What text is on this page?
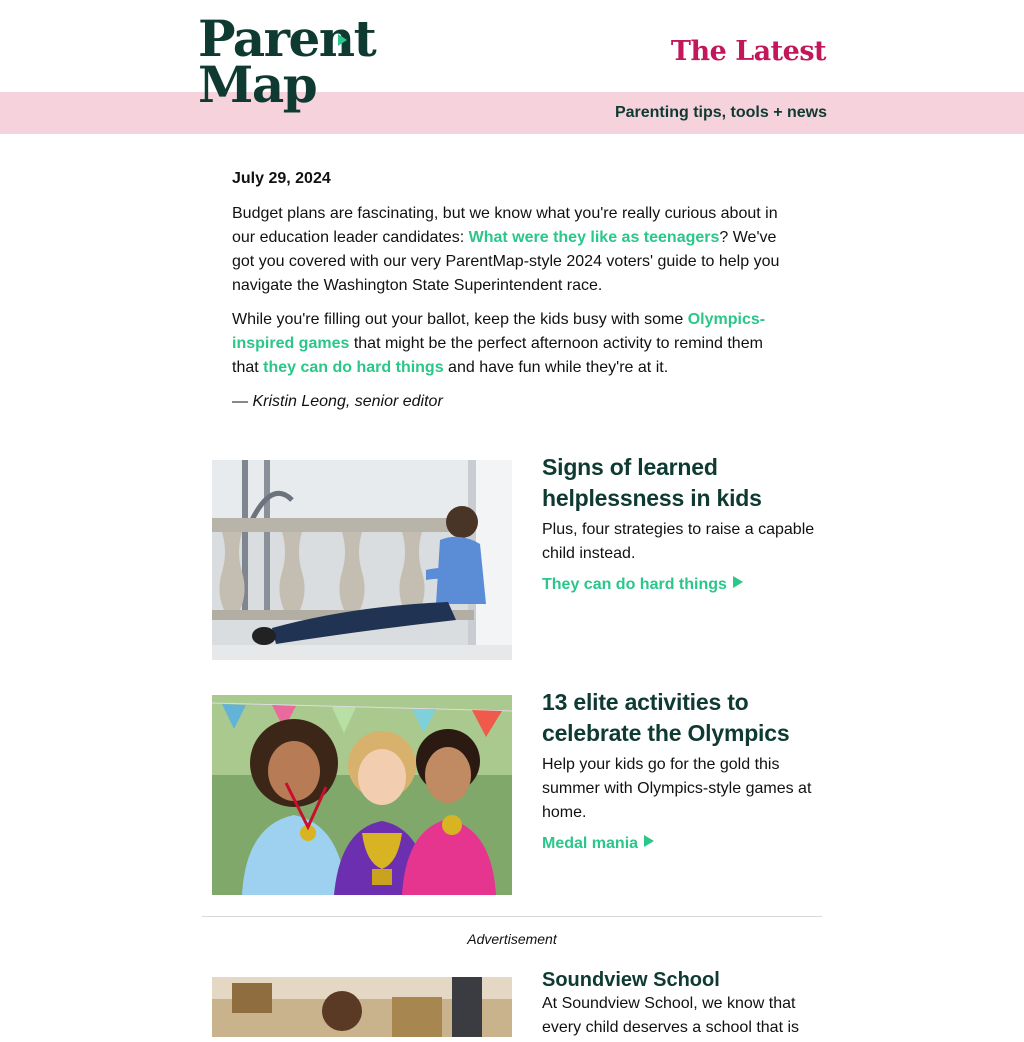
Parent
Map
The Latest
Parenting tips, tools + news
July 29, 2024

Budget plans are fascinating, but we know what you're really curious about in our education leader candidates: What were they like as teenagers? We've got you covered with our very ParentMap-style 2024 voters' guide to help you navigate the Washington State Superintendent race.

While you're filling out your ballot, keep the kids busy with some Olympics-inspired games that might be the perfect afternoon activity to remind them that they can do hard things and have fun while they're at it.

— Kristin Leong, senior editor
Signs of learned helplessness in kids
Plus, four strategies to raise a capable child instead.
They can do hard things
13 elite activities to celebrate the Olympics
Help your kids go for the gold this summer with Olympics-style games at home.
Medal mania
Advertisement
Soundview School
At Soundview School, we know that every child deserves a school that is
